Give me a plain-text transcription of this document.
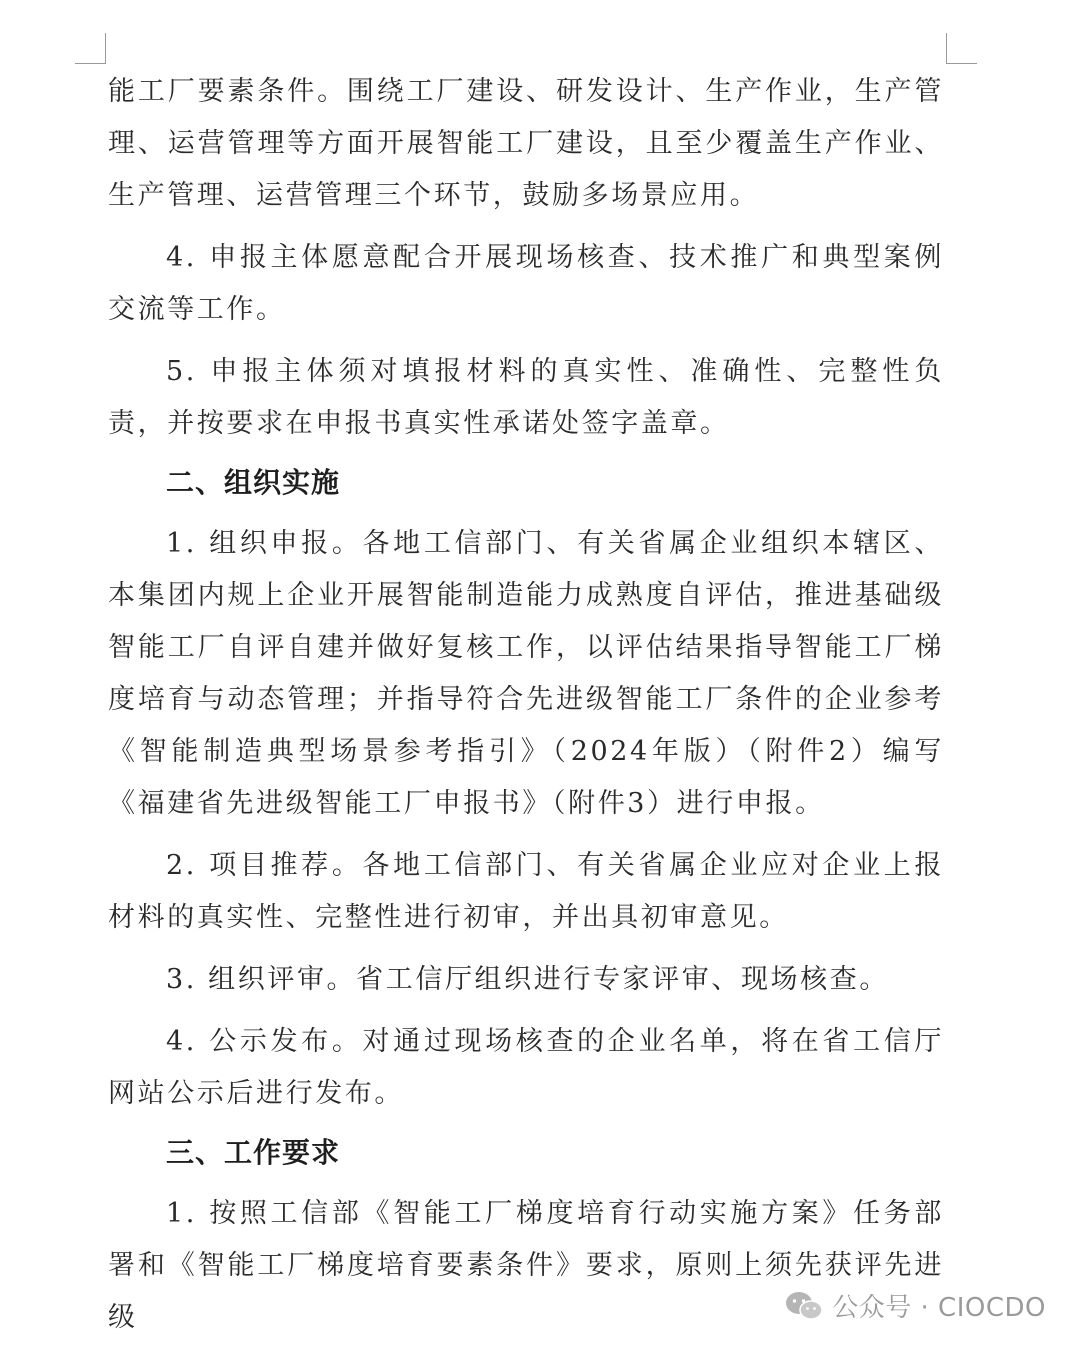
能工厂要素条件。围绕工厂建设、研发设计、生产作业，生产管理、运营管理等方面开展智能工厂建设，且至少覆盖生产作业、生产管理、运营管理三个环节，鼓励多场景应用。

4. 申报主体愿意配合开展现场核查、技术推广和典型案例交流等工作。

5. 申报主体须对填报材料的真实性、准确性、完整性负责，并按要求在申报书真实性承诺处签字盖章。

二、组织实施

1. 组织申报。各地工信部门、有关省属企业组织本辖区、本集团内规上企业开展智能制造能力成熟度自评估，推进基础级智能工厂自评自建并做好复核工作，以评估结果指导智能工厂梯度培育与动态管理；并指导符合先进级智能工厂条件的企业参考《智能制造典型场景参考指引》（2024年版）（附件2）编写《福建省先进级智能工厂申报书》（附件3）进行申报。

2. 项目推荐。各地工信部门、有关省属企业应对企业上报材料的真实性、完整性进行初审，并出具初审意见。

3. 组织评审。省工信厅组织进行专家评审、现场核查。

4. 公示发布。对通过现场核查的企业名单，将在省工信厅网站公示后进行发布。

三、工作要求

1. 按照工信部《智能工厂梯度培育行动实施方案》任务部署和《智能工厂梯度培育要素条件》要求，原则上须先获评先进级	公众号 · CIOCDO
